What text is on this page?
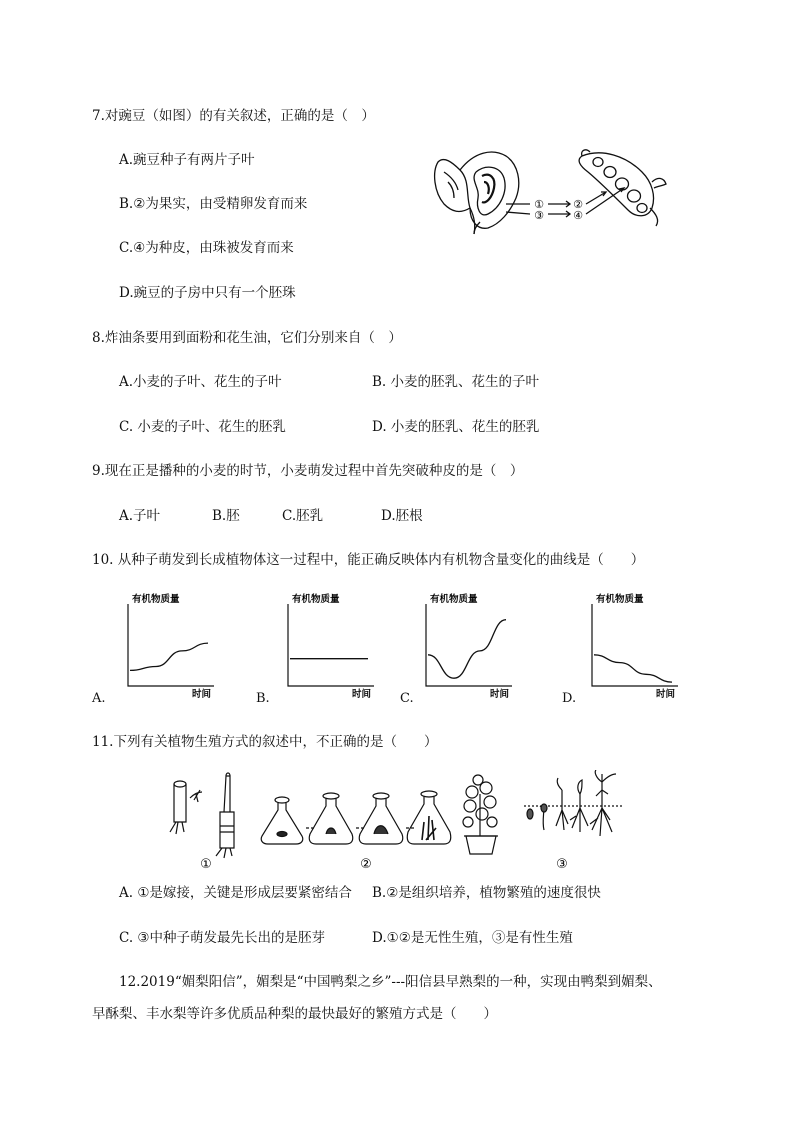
7.对豌豆（如图）的有关叙述，正确的是（　）
A.豌豆种子有两片子叶
B.②为果实，由受精卵发育而来
C.④为种皮，由珠被发育而来
D.豌豆的子房中只有一个胚珠
①	②
③	④
8.炸油条要用到面粉和花生油，它们分别来自（　）
A.小麦的子叶、花生的子叶	B. 小麦的胚乳、花生的子叶
C. 小麦的子叶、花生的胚乳	D. 小麦的胚乳、花生的胚乳
9.现在正是播种的小麦的时节，小麦萌发过程中首先突破种皮的是（　）
A.子叶	B.胚	C.胚乳	D.胚根
10. 从种子萌发到长成植物体这一过程中，能正确反映体内有机物含量变化的曲线是（　　）
A.	B.	C.	D.
有机物质量
时间
有机物质量
时间
有机物质量
时间
有机物质量
时间
11.下列有关植物生殖方式的叙述中，不正确的是（　　）
①	②	③
A. ①是嫁接，关键是形成层要紧密结合 B.②是组织培养，植物繁殖的速度很快
C. ③中种子萌发最先长出的是胚芽	D.①②是无性生殖，③是有性生殖
12.2019“媚梨阳信”，媚梨是“中国鸭梨之乡”---阳信县早熟梨的一种，实现由鸭梨到媚梨、
早酥梨、丰水梨等许多优质品种梨的最快最好的繁殖方式是（　　）
